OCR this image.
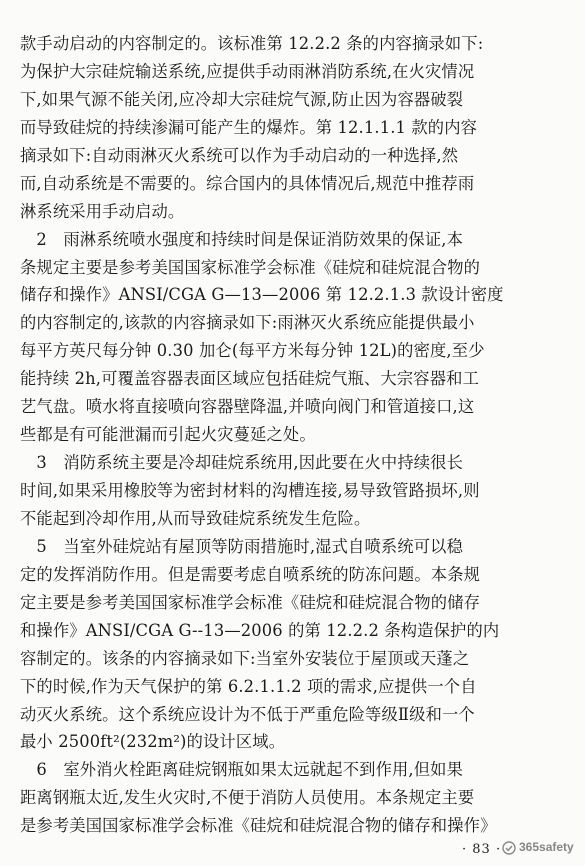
款手动启动的内容制定的。该标准第 12.2.2 条的内容摘录如下:
为保护大宗硅烷输送系统,应提供手动雨淋消防系统,在火灾情况
下,如果气源不能关闭,应冷却大宗硅烷气源,防止因为容器破裂
而导致硅烷的持续渗漏可能产生的爆炸。第 12.1.1.1 款的内容
摘录如下:自动雨淋灭火系统可以作为手动启动的一种选择,然
而,自动系统是不需要的。综合国内的具体情况后,规范中推荐雨
淋系统采用手动启动。
　2　雨淋系统喷水强度和持续时间是保证消防效果的保证,本
条规定主要是参考美国国家标准学会标准《硅烷和硅烷混合物的
储存和操作》ANSI/CGA G—13—2006 第 12.2.1.3 款设计密度
的内容制定的,该款的内容摘录如下:雨淋灭火系统应能提供最小
每平方英尺每分钟 0.30 加仑(每平方米每分钟 12L)的密度,至少
能持续 2h,可覆盖容器表面区域应包括硅烷气瓶、大宗容器和工
艺气盘。喷水将直接喷向容器壁降温,并喷向阀门和管道接口,这
些都是有可能泄漏而引起火灾蔓延之处。
　3　消防系统主要是冷却硅烷系统用,因此要在火中持续很长
时间,如果采用橡胶等为密封材料的沟槽连接,易导致管路损坏,则
不能起到冷却作用,从而导致硅烷系统发生危险。
　5　当室外硅烷站有屋顶等防雨措施时,湿式自喷系统可以稳
定的发挥消防作用。但是需要考虑自喷系统的防冻问题。本条规
定主要是参考美国国家标准学会标准《硅烷和硅烷混合物的储存
和操作》ANSI/CGA G--13—2006 的第 12.2.2 条构造保护的内
容制定的。该条的内容摘录如下:当室外安装位于屋顶或天蓬之
下的时候,作为天气保护的第 6.2.1.1.2 项的需求,应提供一个自
动灭火系统。这个系统应设计为不低于严重危险等级Ⅱ级和一个
最小 2500ft²(232m²)的设计区域。
　6　室外消火栓距离硅烷钢瓶如果太远就起不到作用,但如果
距离钢瓶太近,发生火灾时,不便于消防人员使用。本条规定主要
是参考美国国家标准学会标准《硅烷和硅烷混合物的储存和操作》
· 83 · 365safety
